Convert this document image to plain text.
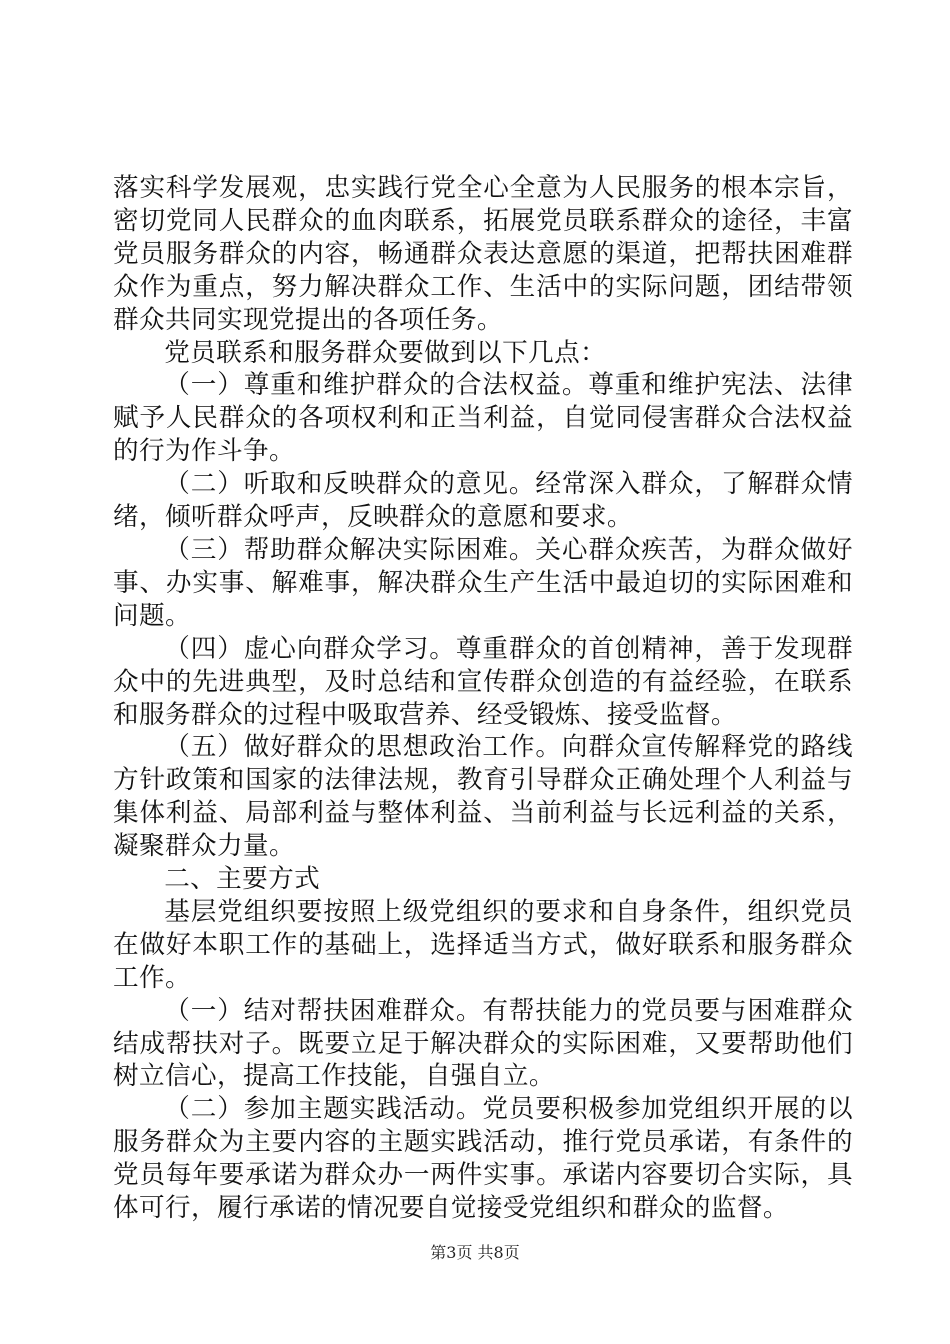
落实科学发展观，忠实践行党全心全意为人民服务的根本宗旨，密切党同人民群众的血肉联系，拓展党员联系群众的途径，丰富党员服务群众的内容，畅通群众表达意愿的渠道，把帮扶困难群众作为重点，努力解决群众工作、生活中的实际问题，团结带领群众共同实现党提出的各项任务。

党员联系和服务群众要做到以下几点：

（一）尊重和维护群众的合法权益。尊重和维护宪法、法律赋予人民群众的各项权利和正当利益，自觉同侵害群众合法权益的行为作斗争。

（二）听取和反映群众的意见。经常深入群众，了解群众情绪，倾听群众呼声，反映群众的意愿和要求。

（三）帮助群众解决实际困难。关心群众疾苦，为群众做好事、办实事、解难事，解决群众生产生活中最迫切的实际困难和问题。

（四）虚心向群众学习。尊重群众的首创精神，善于发现群众中的先进典型，及时总结和宣传群众创造的有益经验，在联系和服务群众的过程中吸取营养、经受锻炼、接受监督。

（五）做好群众的思想政治工作。向群众宣传解释党的路线方针政策和国家的法律法规，教育引导群众正确处理个人利益与集体利益、局部利益与整体利益、当前利益与长远利益的关系，凝聚群众力量。

二、主要方式

基层党组织要按照上级党组织的要求和自身条件，组织党员在做好本职工作的基础上，选择适当方式，做好联系和服务群众工作。

（一）结对帮扶困难群众。有帮扶能力的党员要与困难群众结成帮扶对子。既要立足于解决群众的实际困难，又要帮助他们树立信心，提高工作技能，自强自立。

（二）参加主题实践活动。党员要积极参加党组织开展的以服务群众为主要内容的主题实践活动，推行党员承诺，有条件的党员每年要承诺为群众办一两件实事。承诺内容要切合实际，具体可行，履行承诺的情况要自觉接受党组织和群众的监督。

第3页 共8页
